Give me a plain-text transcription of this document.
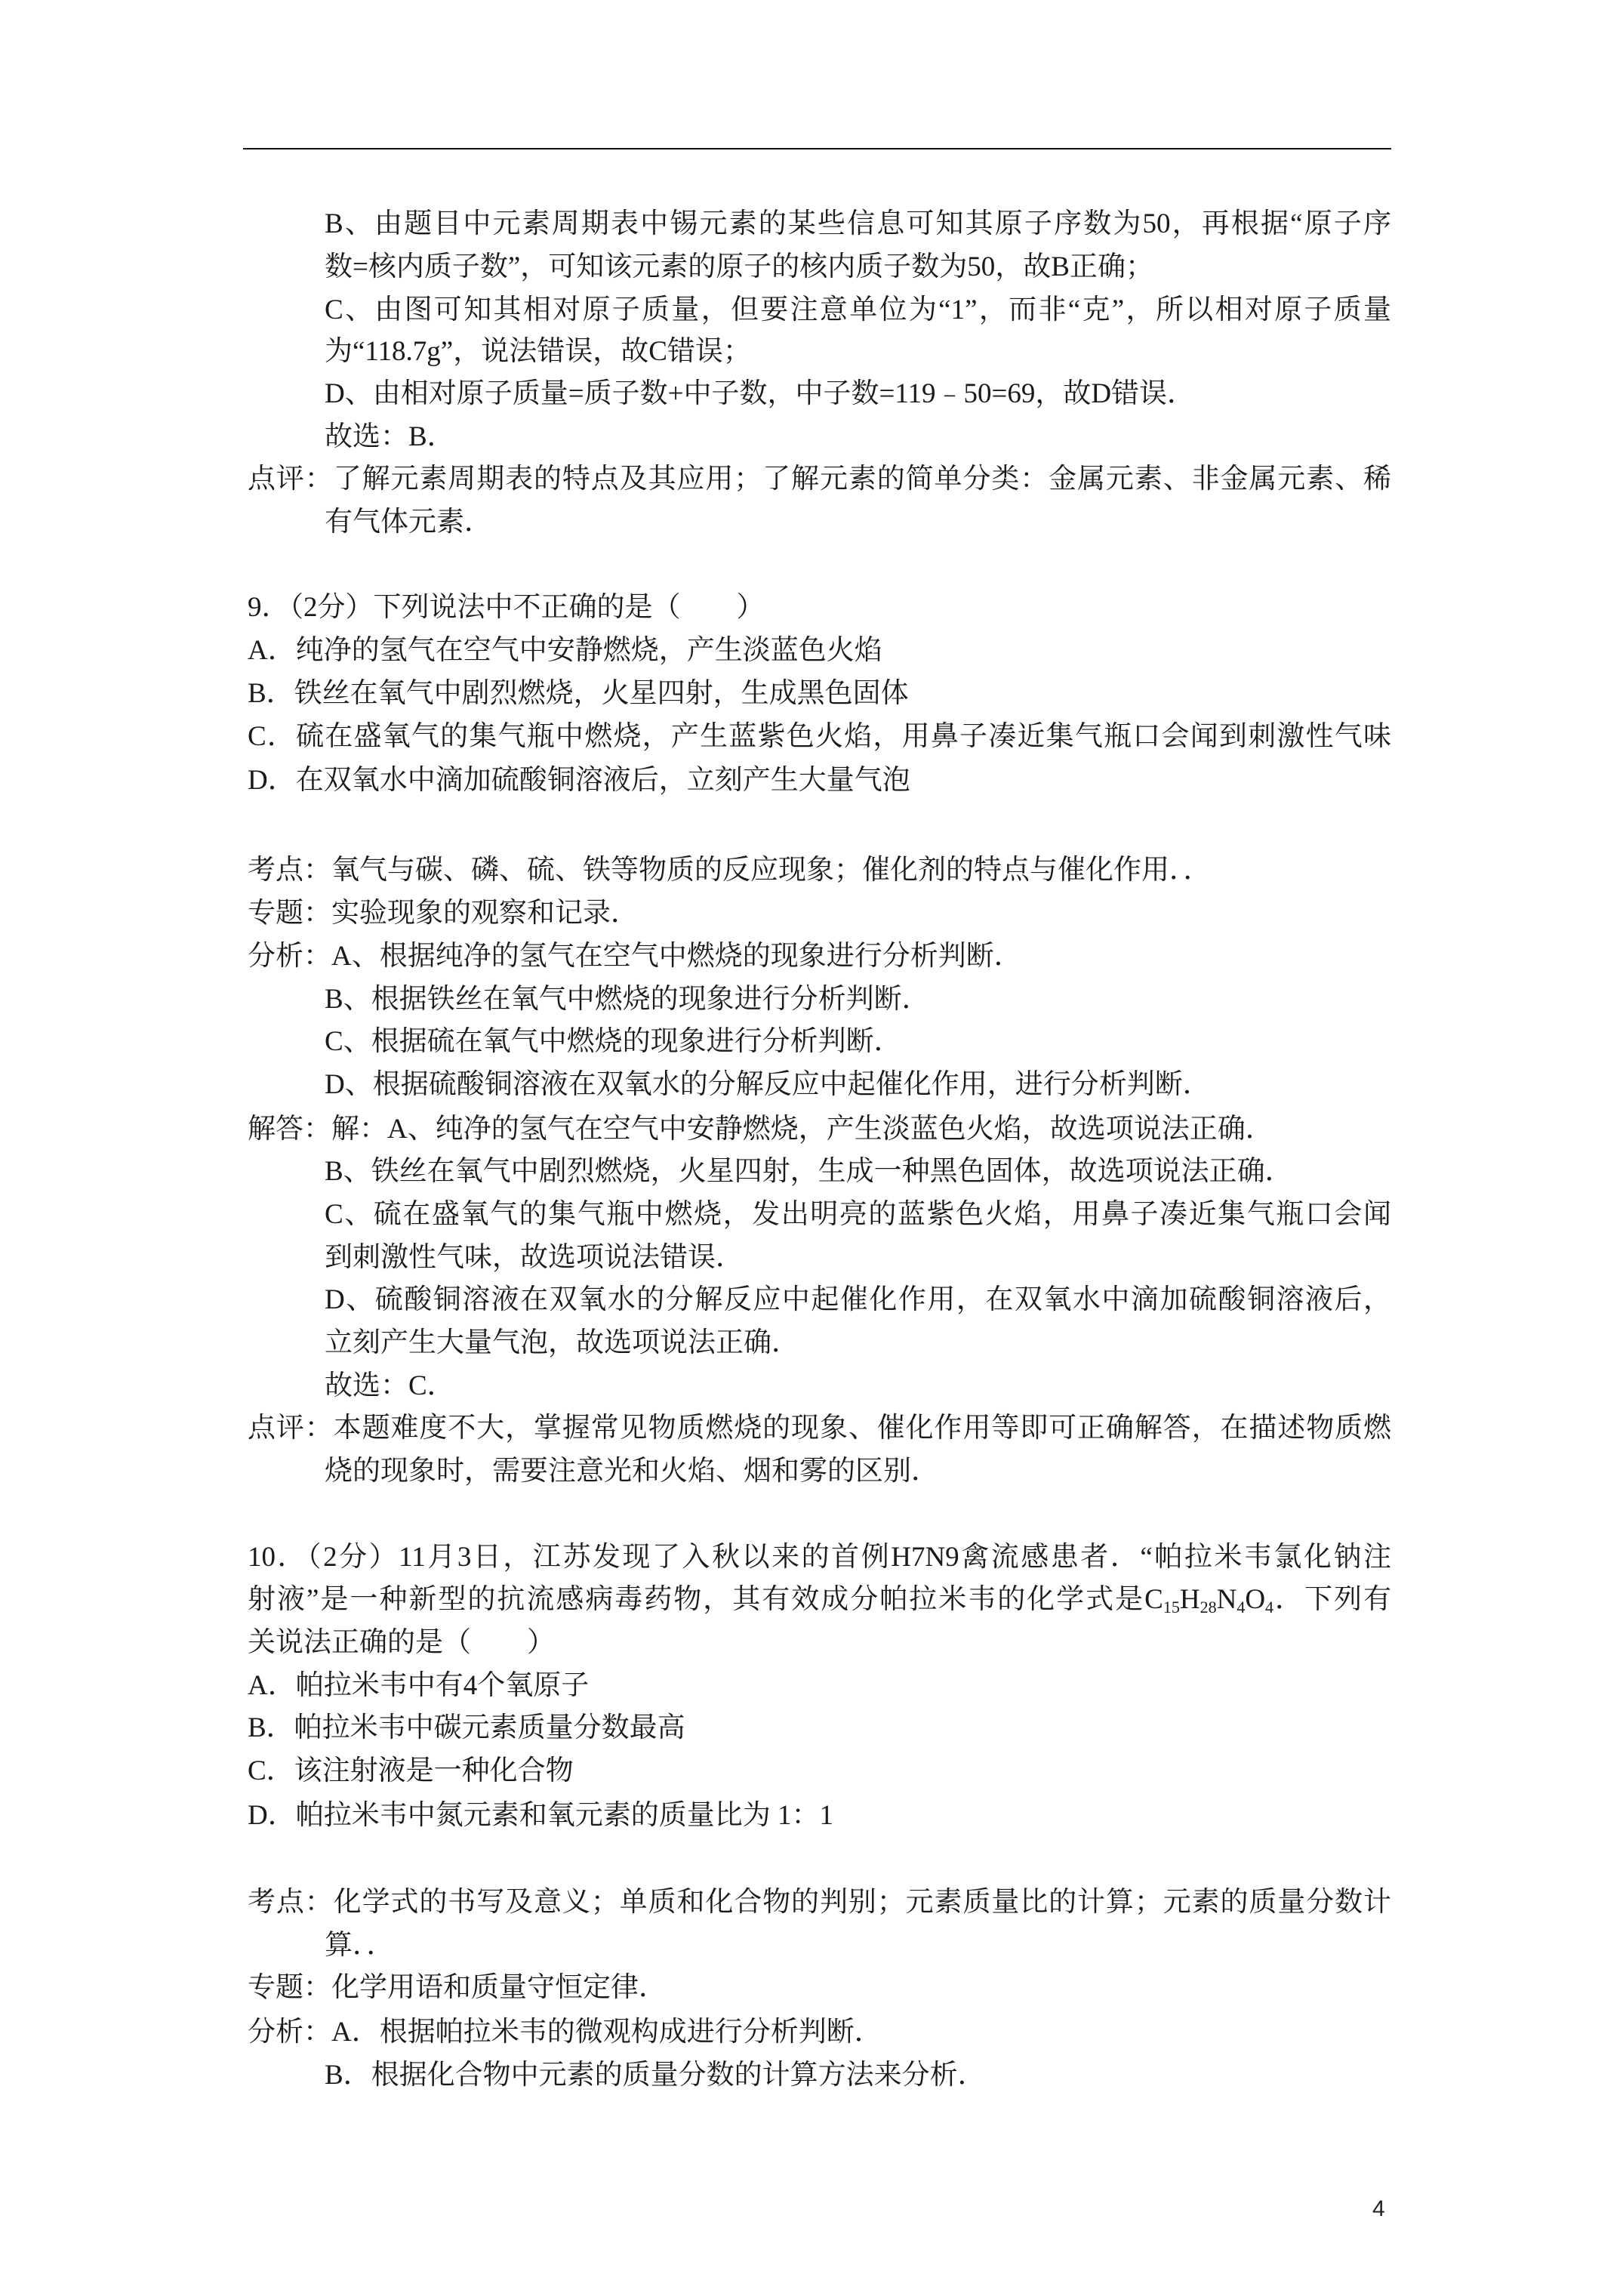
B、由题目中元素周期表中锡元素的某些信息可知其原子序数为50，再根据“原子序
数=核内质子数”，可知该元素的原子的核内质子数为50，故B正确；
C、由图可知其相对原子质量，但要注意单位为“1”，而非“克”，所以相对原子质量
为“118.7g”，说法错误，故C错误；
D、由相对原子质量=质子数+中子数，中子数=119﹣50=69，故D错误．
故选：B．
点评：了解元素周期表的特点及其应用；了解元素的简单分类：金属元素、非金属元素、稀
有气体元素．
9．（2分）下列说法中不正确的是（　　）
A．纯净的氢气在空气中安静燃烧，产生淡蓝色火焰
B．铁丝在氧气中剧烈燃烧，火星四射，生成黑色固体
C．硫在盛氧气的集气瓶中燃烧，产生蓝紫色火焰，用鼻子凑近集气瓶口会闻到刺激性气味
D．在双氧水中滴加硫酸铜溶液后，立刻产生大量气泡
考点：氧气与碳、磷、硫、铁等物质的反应现象；催化剂的特点与催化作用．．
专题：实验现象的观察和记录．
分析：A、根据纯净的氢气在空气中燃烧的现象进行分析判断．
B、根据铁丝在氧气中燃烧的现象进行分析判断．
C、根据硫在氧气中燃烧的现象进行分析判断．
D、根据硫酸铜溶液在双氧水的分解反应中起催化作用，进行分析判断．
解答：解：A、纯净的氢气在空气中安静燃烧，产生淡蓝色火焰，故选项说法正确．
B、铁丝在氧气中剧烈燃烧，火星四射，生成一种黑色固体，故选项说法正确．
C、硫在盛氧气的集气瓶中燃烧，发出明亮的蓝紫色火焰，用鼻子凑近集气瓶口会闻
到刺激性气味，故选项说法错误．
D、硫酸铜溶液在双氧水的分解反应中起催化作用，在双氧水中滴加硫酸铜溶液后，
立刻产生大量气泡，故选项说法正确．
故选：C．
点评：本题难度不大，掌握常见物质燃烧的现象、催化作用等即可正确解答，在描述物质燃
烧的现象时，需要注意光和火焰、烟和雾的区别．
10．（2分）11月3日，江苏发现了入秋以来的首例H7N9禽流感患者．“帕拉米韦氯化钠注
射液”是一种新型的抗流感病毒药物，其有效成分帕拉米韦的化学式是$C_{15}H_{28}N_4O_4$．下列有
关说法正确的是（　　）
A．帕拉米韦中有4个氧原子
B．帕拉米韦中碳元素质量分数最高
C．该注射液是一种化合物
D．帕拉米韦中氮元素和氧元素的质量比为 1：1
考点：化学式的书写及意义；单质和化合物的判别；元素质量比的计算；元素的质量分数计
算．．
专题：化学用语和质量守恒定律．
分析：A．根据帕拉米韦的微观构成进行分析判断．
B．根据化合物中元素的质量分数的计算方法来分析．
4
